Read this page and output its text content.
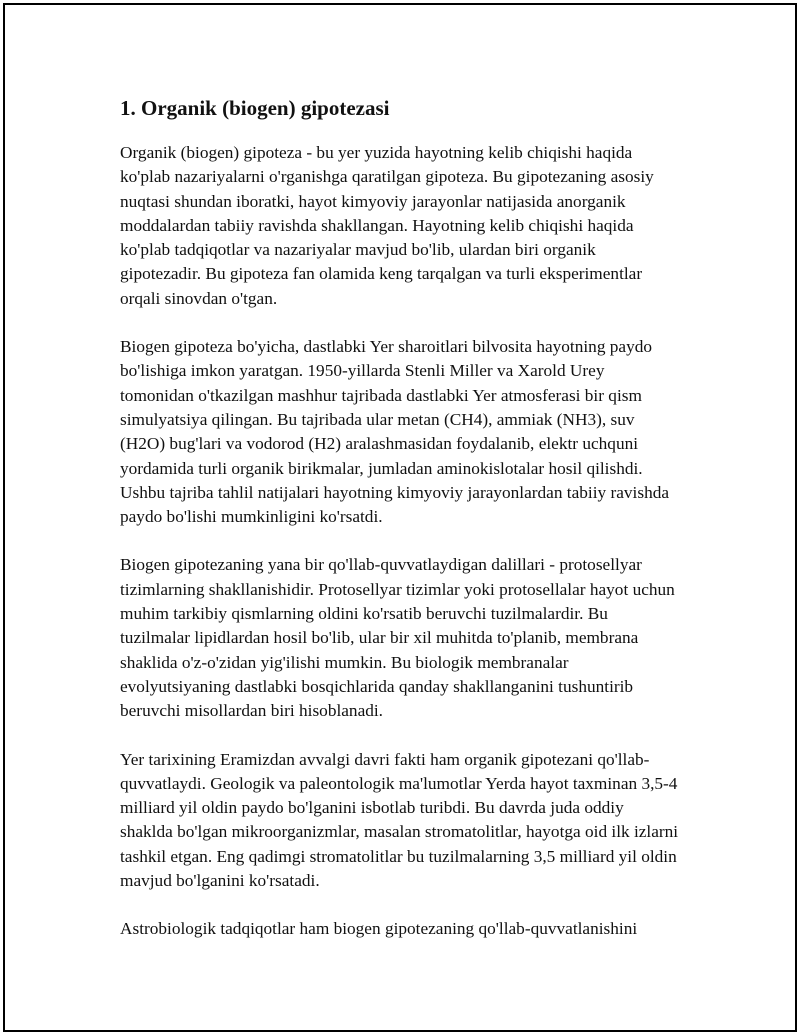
1. Organik (biogen) gipotezasi

Organik (biogen) gipoteza - bu yer yuzida hayotning kelib chiqishi haqida ko'plab nazariyalarni o'rganishga qaratilgan gipoteza. Bu gipotezaning asosiy nuqtasi shundan iboratki, hayot kimyoviy jarayonlar natijasida anorganik moddalardan tabiiy ravishda shakllangan. Hayotning kelib chiqishi haqida ko'plab tadqiqotlar va nazariyalar mavjud bo'lib, ulardan biri organik gipotezadir. Bu gipoteza fan olamida keng tarqalgan va turli eksperimentlar orqali sinovdan o'tgan.

Biogen gipoteza bo'yicha, dastlabki Yer sharoitlari bilvosita hayotning paydo bo'lishiga imkon yaratgan. 1950-yillarda Stenli Miller va Xarold Urey tomonidan o'tkazilgan mashhur tajribada dastlabki Yer atmosferasi bir qism simulyatsiya qilingan. Bu tajribada ular metan (CH4), ammiak (NH3), suv (H2O) bug'lari va vodorod (H2) aralashmasidan foydalanib, elektr uchquni yordamida turli organik birikmalar, jumladan aminokislotalar hosil qilishdi. Ushbu tajriba tahlil natijalari hayotning kimyoviy jarayonlardan tabiiy ravishda paydo bo'lishi mumkinligini ko'rsatdi.

Biogen gipotezaning yana bir qo'llab-quvvatlaydigan dalillari - protosellyar tizimlarning shakllanishidir. Protosellyar tizimlar yoki protosellalar hayot uchun muhim tarkibiy qismlarning oldini ko'rsatib beruvchi tuzilmalardir. Bu tuzilmalar lipidlardan hosil bo'lib, ular bir xil muhitda to'planib, membrana shaklida o'z-o'zidan yig'ilishi mumkin. Bu biologik membranalar evolyutsiyaning dastlabki bosqichlarida qanday shakllanganini tushuntirib beruvchi misollardan biri hisoblanadi.

Yer tarixining Eramizdan avvalgi davri fakti ham organik gipotezani qo'llab-quvvatlaydi. Geologik va paleontologik ma'lumotlar Yerda hayot taxminan 3,5-4 milliard yil oldin paydo bo'lganini isbotlab turibdi. Bu davrda juda oddiy shaklda bo'lgan mikroorganizmlar, masalan stromatolitlar, hayotga oid ilk izlarni tashkil etgan. Eng qadimgi stromatolitlar bu tuzilmalarning 3,5 milliard yil oldin mavjud bo'lganini ko'rsatadi.

Astrobiologik tadqiqotlar ham biogen gipotezaning qo'llab-quvvatlanishini
